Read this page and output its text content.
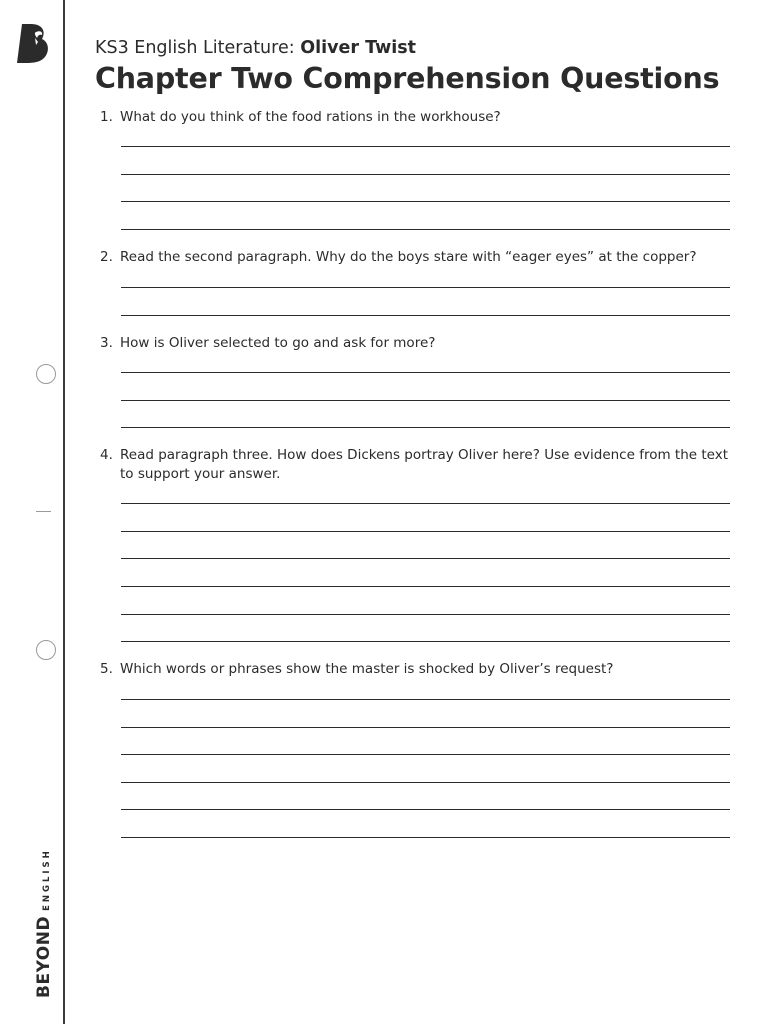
BEYOND
ENGLISH
KS3 English Literature: Oliver Twist
Chapter Two Comprehension Questions
1. What do you think of the food rations in the workhouse?
2. Read the second paragraph. Why do the boys stare with “eager eyes” at the copper?
3. How is Oliver selected to go and ask for more?
4. Read paragraph three. How does Dickens portray Oliver here? Use evidence from the text to support your answer.
5. Which words or phrases show the master is shocked by Oliver’s request?
